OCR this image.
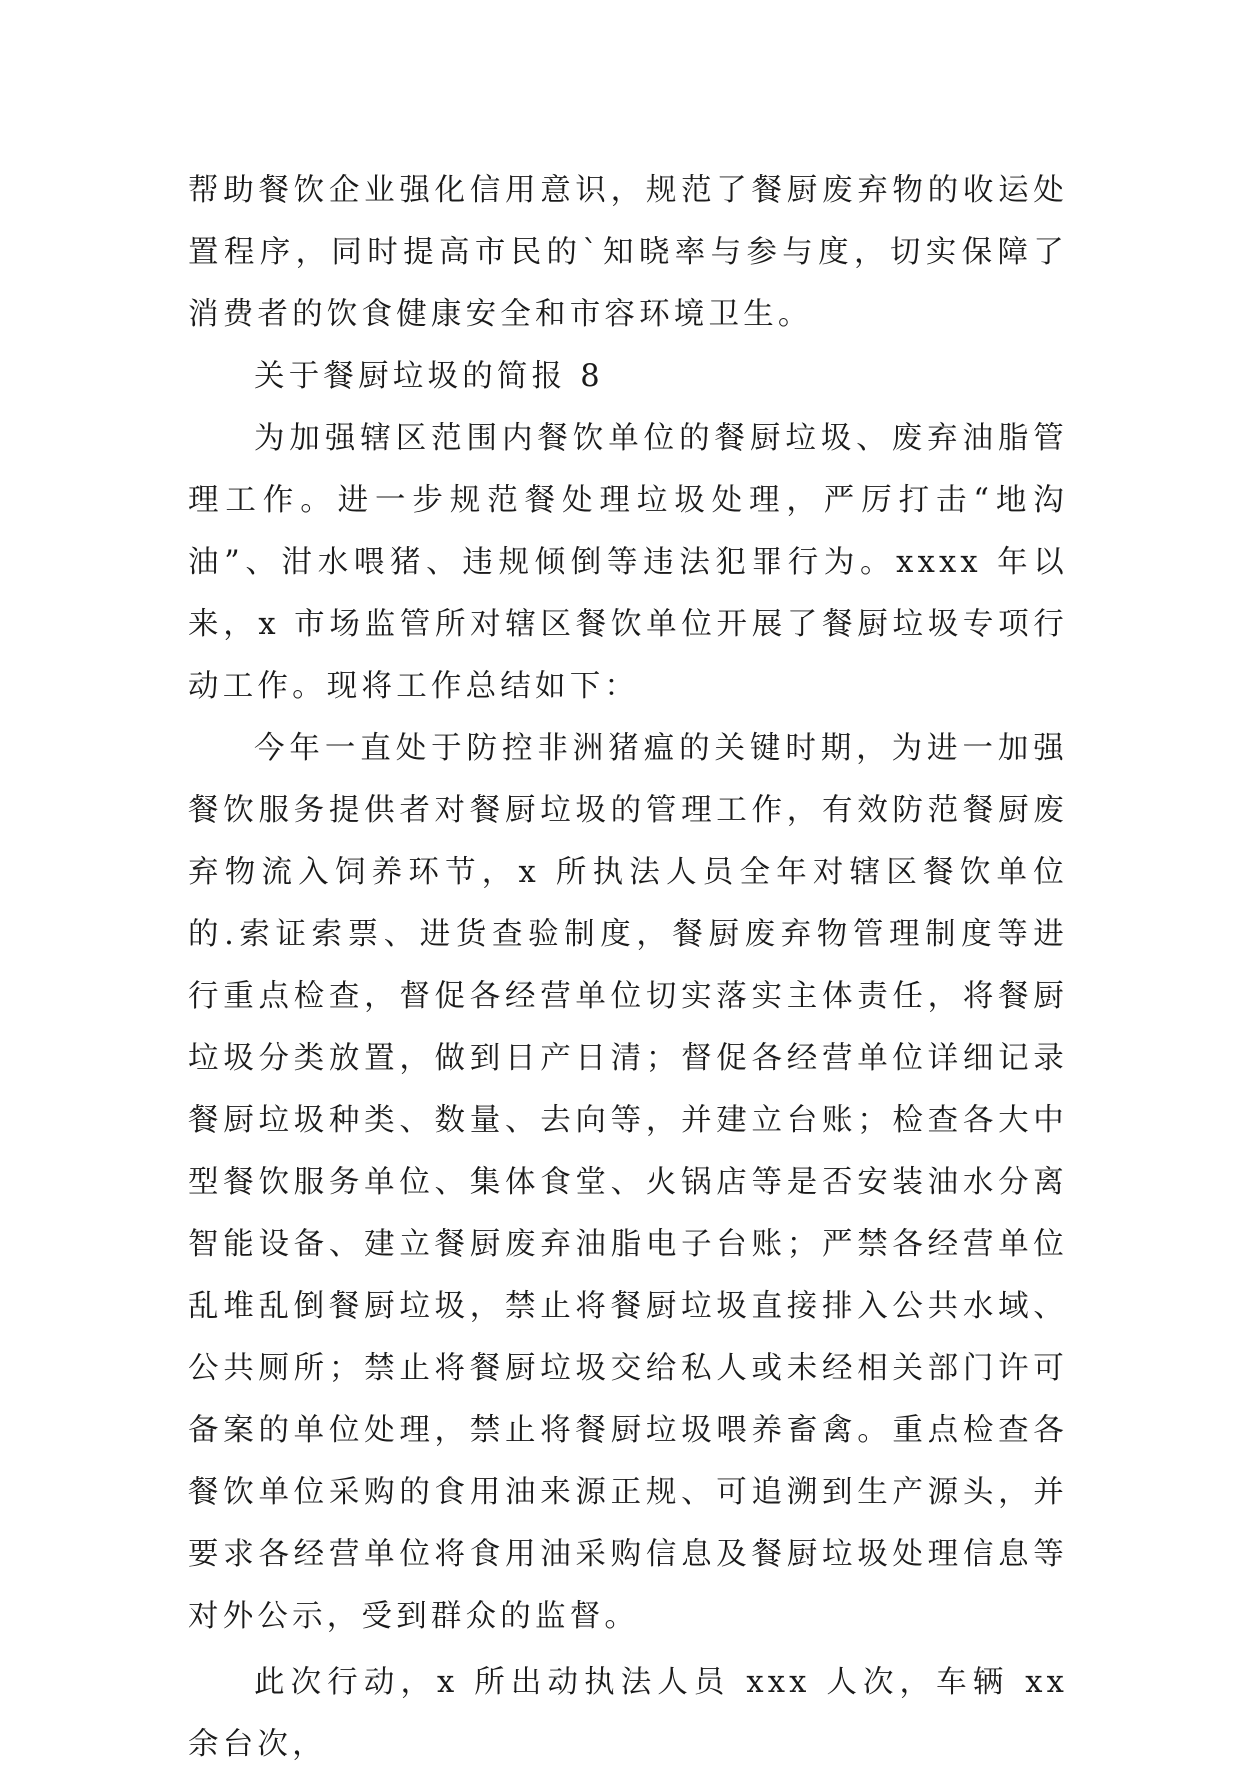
帮助餐饮企业强化信用意识，规范了餐厨废弃物的收运处置程序，同时提高市民的`知晓率与参与度，切实保障了消费者的饮食健康安全和市容环境卫生。

关于餐厨垃圾的简报 8

为加强辖区范围内餐饮单位的餐厨垃圾、废弃油脂管理工作。进一步规范餐处理垃圾处理，严厉打击“地沟油”、泔水喂猪、违规倾倒等违法犯罪行为。xxxx 年以来，x 市场监管所对辖区餐饮单位开展了餐厨垃圾专项行动工作。现将工作总结如下：

今年一直处于防控非洲猪瘟的关键时期，为进一加强餐饮服务提供者对餐厨垃圾的管理工作，有效防范餐厨废弃物流入饲养环节，x 所执法人员全年对辖区餐饮单位的.索证索票、进货查验制度，餐厨废弃物管理制度等进行重点检查，督促各经营单位切实落实主体责任，将餐厨垃圾分类放置，做到日产日清；督促各经营单位详细记录餐厨垃圾种类、数量、去向等，并建立台账；检查各大中型餐饮服务单位、集体食堂、火锅店等是否安装油水分离智能设备、建立餐厨废弃油脂电子台账；严禁各经营单位乱堆乱倒餐厨垃圾，禁止将餐厨垃圾直接排入公共水域、公共厕所；禁止将餐厨垃圾交给私人或未经相关部门许可备案的单位处理，禁止将餐厨垃圾喂养畜禽。重点检查各餐饮单位采购的食用油来源正规、可追溯到生产源头，并要求各经营单位将食用油采购信息及餐厨垃圾处理信息等对外公示，受到群众的监督。

此次行动，x 所出动执法人员 xxx 人次，车辆 xx 余台次，
